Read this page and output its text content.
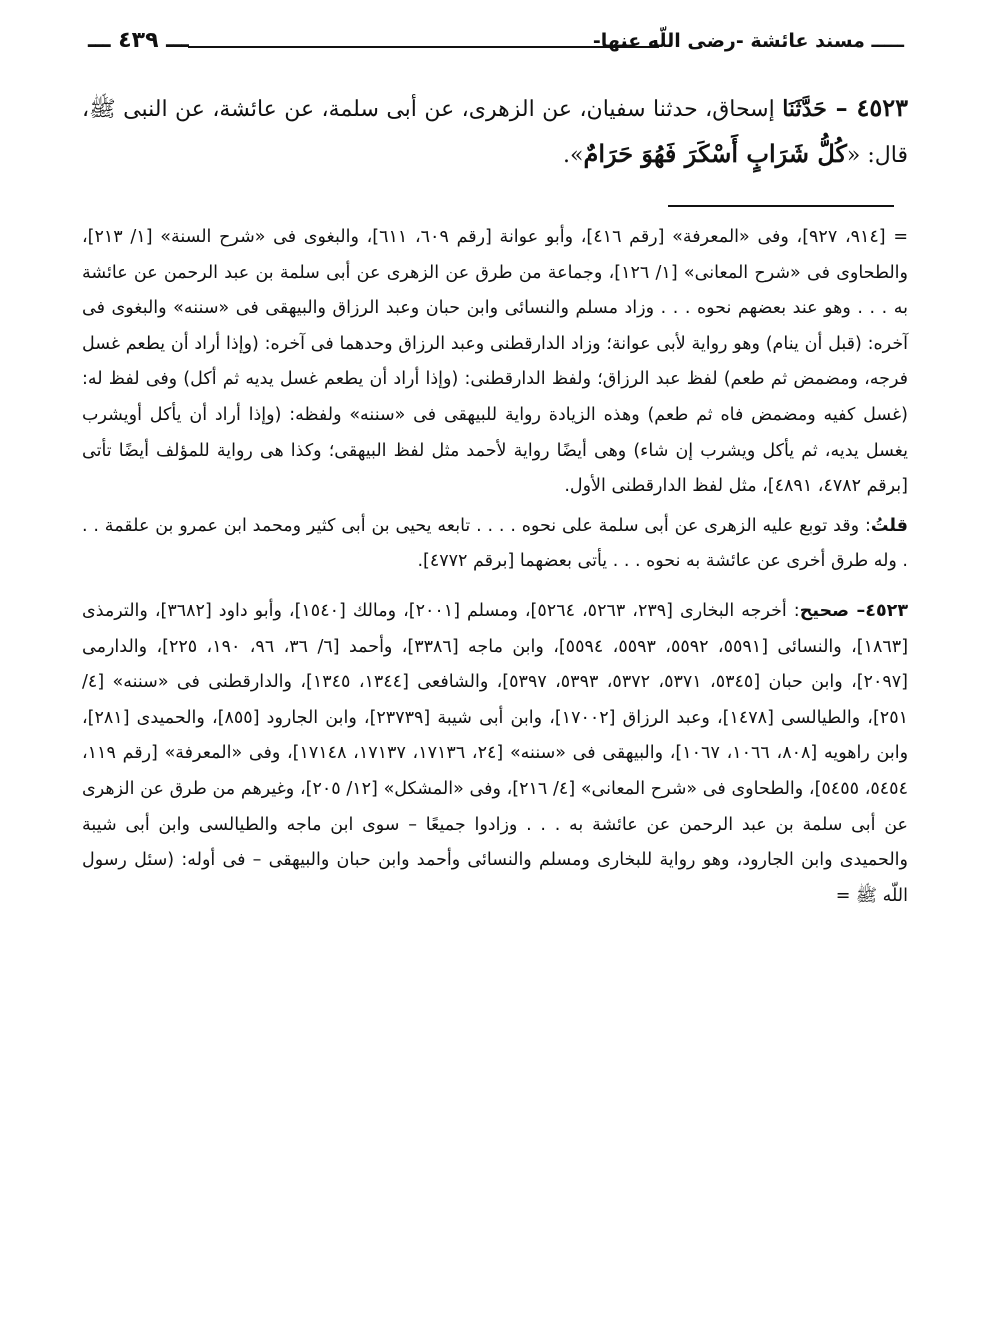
ـــــ مسند عائشة -رضى اللّه عنها-
ـــ ٤٣٩ ـــ
٤٥٢٣ – حَدَّثَنَا إسحاق، حدثنا سفيان، عن الزهرى، عن أبى سلمة، عن عائشة، عن النبى ﷺ، قال: «كُلُّ شَرَابٍ أَسْكَرَ فَهُوَ حَرَامٌ».

= [٩١٤، ٩٢٧]، وفى «المعرفة» [رقم ٤١٦]، وأبو عوانة [رقم ٦٠٩، ٦١١]، والبغوى فى «شرح السنة» [١/ ٢١٣]، والطحاوى فى «شرح المعانى» [١/ ١٢٦]، وجماعة من طرق عن الزهرى عن أبى سلمة بن عبد الرحمن عن عائشة به . . . وهو عند بعضهم نحوه . . . وزاد مسلم والنسائى وابن حبان وعبد الرزاق والبيهقى فى «سننه» والبغوى فى آخره: (قبل أن ينام) وهو رواية لأبى عوانة؛ وزاد الدارقطنى وعبد الرزاق وحدهما فى آخره: (وإذا أراد أن يطعم غسل فرجه، ومضمض ثم طعم) لفظ عبد الرزاق؛ ولفظ الدارقطنى: (وإذا أراد أن يطعم غسل يديه ثم أكل) وفى لفظ له: (غسل كفيه ومضمض فاه ثم طعم) وهذه الزيادة رواية للبيهقى فى «سننه» ولفظه: (وإذا أراد أن يأكل أويشرب يغسل يديه، ثم يأكل ويشرب إن شاء) وهى أيضًا رواية لأحمد مثل لفظ البيهقى؛ وكذا هى رواية للمؤلف أيضًا تأتى [برقم ٤٧٨٢، ٤٨٩١]، مثل لفظ الدارقطنى الأول.

قلتُ: وقد توبع عليه الزهرى عن أبى سلمة على نحوه . . . . تابعه يحيى بن أبى كثير ومحمد ابن عمرو بن علقمة . . . وله طرق أخرى عن عائشة به نحوه . . . يأتى بعضهما [برقم ٤٧٧٢].

٤٥٢٣– صحيح: أخرجه البخارى [٢٣٩، ٥٢٦٣، ٥٢٦٤]، ومسلم [٢٠٠١]، ومالك [١٥٤٠]، وأبو داود [٣٦٨٢]، والترمذى [١٨٦٣]، والنسائى [٥٥٩١، ٥٥٩٢، ٥٥٩٣، ٥٥٩٤]، وابن ماجه [٣٣٨٦]، وأحمد [٦/ ٣٦، ٩٦، ١٩٠، ٢٢٥]، والدارمى [٢٠٩٧]، وابن حبان [٥٣٤٥، ٥٣٧١، ٥٣٧٢، ٥٣٩٣، ٥٣٩٧]، والشافعى [١٣٤٤، ١٣٤٥]، والدارقطنى فى «سننه» [٤/ ٢٥١]، والطيالسى [١٤٧٨]، وعبد الرزاق [١٧٠٠٢]، وابن أبى شيبة [٢٣٧٣٩]، وابن الجارود [٨٥٥]، والحميدى [٢٨١]، وابن راهويه [٨٠٨، ١٠٦٦، ١٠٦٧]، والبيهقى فى «سننه» [٢٤، ١٧١٣٦، ١٧١٣٧، ١٧١٤٨]، وفى «المعرفة» [رقم ١١٩، ٥٤٥٤، ٥٤٥٥]، والطحاوى فى «شرح المعانى» [٤/ ٢١٦]، وفى «المشكل» [١٢/ ٢٠٥]، وغيرهم من طرق عن الزهرى عن أبى سلمة بن عبد الرحمن عن عائشة به . . . وزادوا جميعًا – سوى ابن ماجه والطيالسى وابن أبى شيبة والحميدى وابن الجارود، وهو رواية للبخارى ومسلم والنسائى وأحمد وابن حبان والبيهقى – فى أوله: (سئل رسول اللّه ﷺ =
